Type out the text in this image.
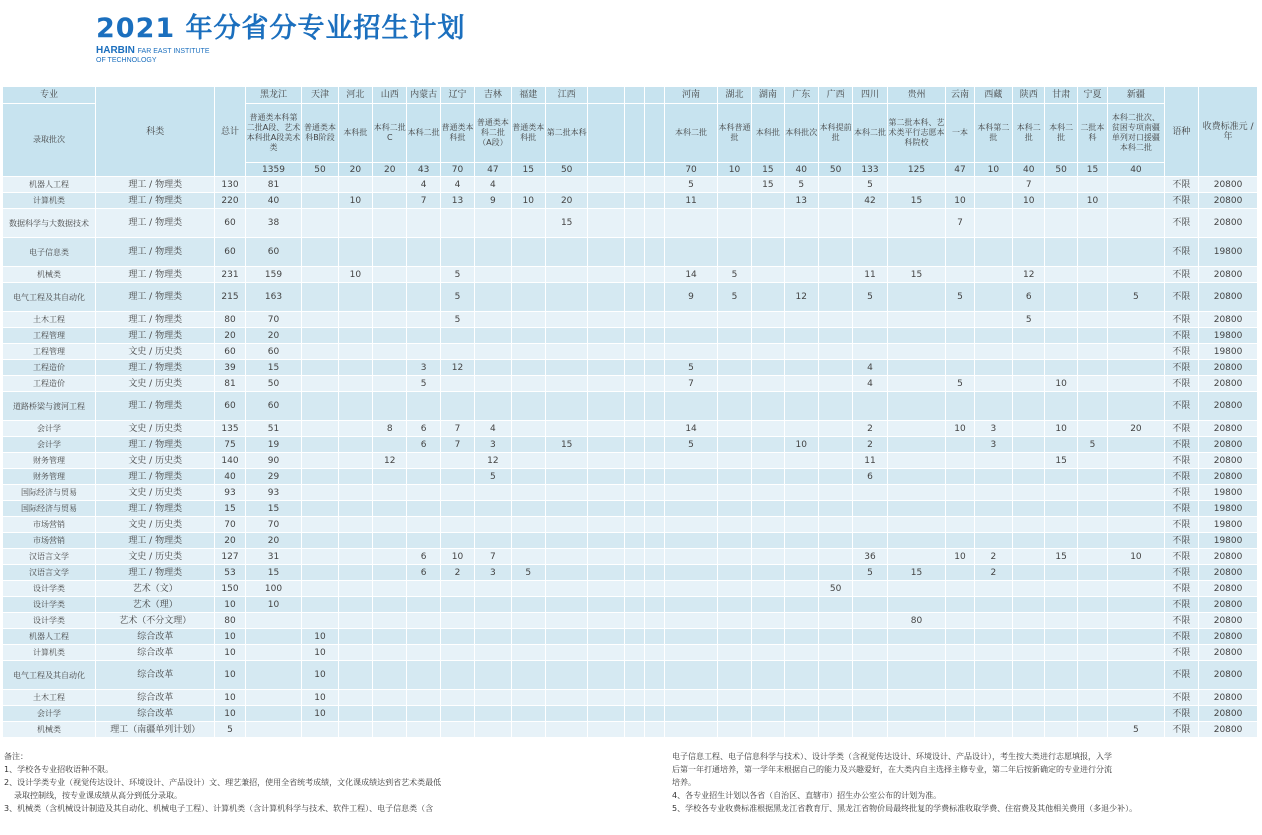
2021 年分省分专业招生计划
HARBIN FAR EAST INSTITUTE
OF TECHNOLOGY
专业	科类	总计	黑龙江	天津	河北	山西	内蒙古	辽宁	吉林	福建	江西				河南	湖北	湖南	广东	广西	四川	贵州	云南	西藏	陕西	甘肃	宁夏	新疆	语种	收费标准元 / 年
录取批次			普通类本科第二批A段、艺术本科批A段美术类	普通类本科B阶段	本科批	本科二批C	本科二批	普通类本科批	普通类本科二批（A段）	普通类本科批	第二批本科				本科二批	本科普通批	本科批	本科批次	本科提前批	本科二批	第二批本科、艺术类平行志愿本科院校	一本	本科第二批	本科二批	本科二批	二批本科	本科二批次、贫困专项南疆单列对口援疆本科二批		
			1359	50	20	20	43	70	47	15	50				70	10	15	40	50	133	125	47	10	40	50	15	40		
机器人工程	理工 / 物理类	130	81				4	4	4						5		15	5		5				7				不限	20800
计算机类	理工 / 物理类	220	40		10		7	13	9	10	20				11			13		42	15	10		10		10		不限	20800
数据科学与大数据技术	理工 / 物理类	60	38								15											7						不限	20800
电子信息类	理工 / 物理类	60	60																									不限	19800
机械类	理工 / 物理类	231	159		10			5							14	5				11	15			12				不限	20800
电气工程及其自动化	理工 / 物理类	215	163					5							9	5		12		5		5		6			5	不限	20800
土木工程	理工 / 物理类	80	70					5																5				不限	20800
工程管理	理工 / 物理类	20	20																									不限	19800
工程管理	文史 / 历史类	60	60																									不限	19800
工程造价	理工 / 物理类	39	15				3	12							5					4								不限	20800
工程造价	文史 / 历史类	81	50				5								7					4		5			10			不限	20800
道路桥梁与渡河工程	理工 / 物理类	60	60																									不限	20800
会计学	文史 / 历史类	135	51			8	6	7	4						14					2		10	3		10		20	不限	20800
会计学	理工 / 物理类	75	19				6	7	3		15				5			10		2			3			5		不限	20800
财务管理	文史 / 历史类	140	90			12			12											11					15			不限	20800
财务管理	理工 / 物理类	40	29						5											6								不限	20800
国际经济与贸易	文史 / 历史类	93	93																									不限	19800
国际经济与贸易	理工 / 物理类	15	15																									不限	19800
市场营销	文史 / 历史类	70	70																									不限	19800
市场营销	理工 / 物理类	20	20																									不限	19800
汉语言文学	文史 / 历史类	127	31				6	10	7											36		10	2		15		10	不限	20800
汉语言文学	理工 / 物理类	53	15				6	2	3	5										5	15		2					不限	20800
设计学类	艺术（文）	150	100																50									不限	20800
设计学类	艺术（理）	10	10																									不限	20800
设计学类	艺术（不分文理）	80																			80							不限	20800
机器人工程	综合改革	10		10																								不限	20800
计算机类	综合改革	10		10																								不限	20800
电气工程及其自动化	综合改革	10		10																								不限	20800
土木工程	综合改革	10		10																								不限	20800
会计学	综合改革	10		10																								不限	20800
机械类	理工（南疆单列计划）	5																									5	不限	20800
备注：
1、学校各专业招收语种不限。
2、设计学类专业（视觉传达设计、环境设计、产品设计）文、理艺兼招，使用全省统考成绩，文化课成绩达到省艺术类最低
录取控制线，按专业课成绩从高分到低分录取。
3、机械类（含机械设计制造及其自动化、机械电子工程）、计算机类（含计算机科学与技术、软件工程）、电子信息类（含
电子信息工程、电子信息科学与技术）、设计学类（含视觉传达设计、环境设计、产品设计），考生按大类进行志愿填报，入学
后第一年打通培养，第一学年末根据自己的能力及兴趣爱好，在大类内自主选择主修专业，第二年后按新确定的专业进行分流
培养。
4、各专业招生计划以各省（自治区、直辖市）招生办公室公布的计划为准。
5、学校各专业收费标准根据黑龙江省教育厅、黑龙江省物价局最终批复的学费标准收取学费、住宿费及其他相关费用（多退少补）。
